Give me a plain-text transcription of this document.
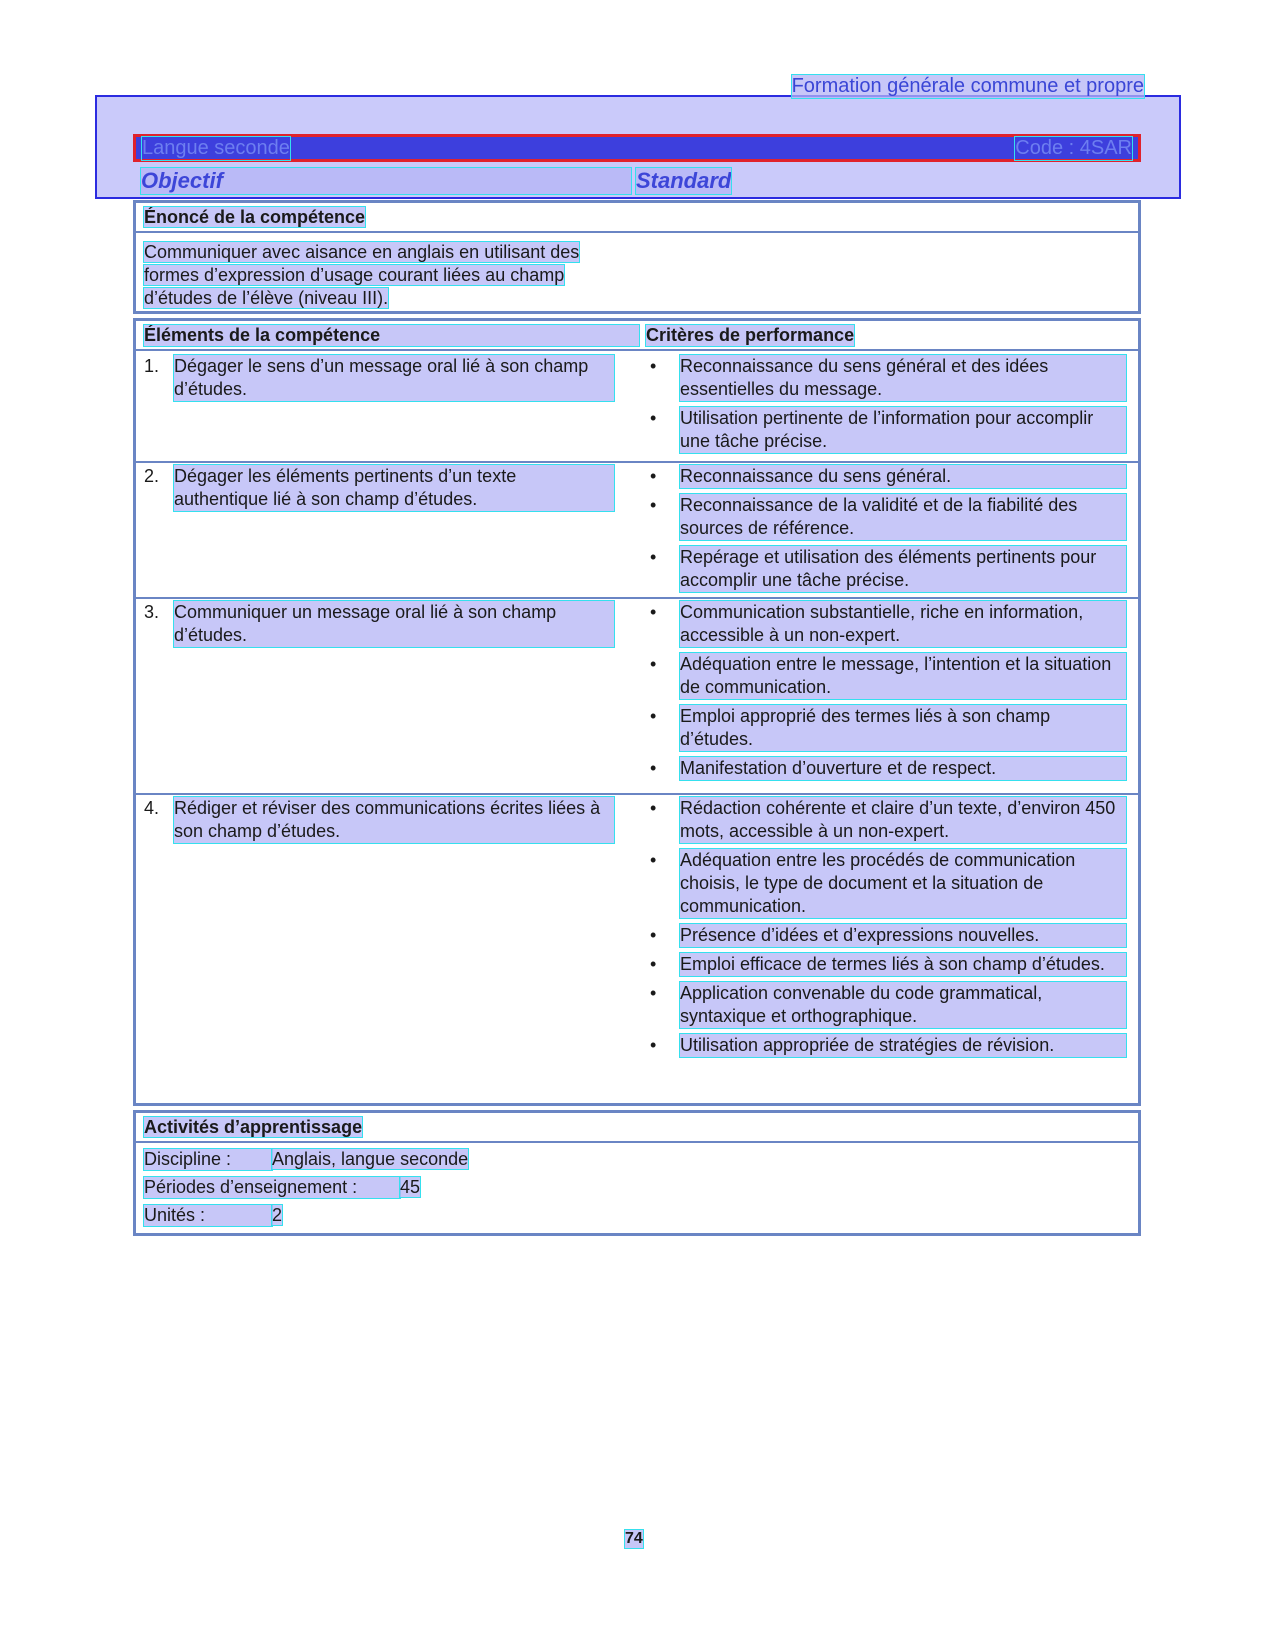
Formation générale commune et propre
Langue seconde	Code : 4SAR
Objectif	Standard
Énoncé de la compétence
Communiquer avec aisance en anglais en utilisant des formes d’expression d’usage courant liées au champ d’études de l’élève (niveau III).
Éléments de la compétence	Critères de performance
1. Dégager le sens d’un message oral lié à son champ d’études.
•	Reconnaissance du sens général et des idées essentielles du message.
•	Utilisation pertinente de l’information pour accomplir une tâche précise.
2. Dégager les éléments pertinents d’un texte authentique lié à son champ d’études.
•	Reconnaissance du sens général.
•	Reconnaissance de la validité et de la fiabilité des sources de référence.
•	Repérage et utilisation des éléments pertinents pour accomplir une tâche précise.
3. Communiquer un message oral lié à son champ d’études.
•	Communication substantielle, riche en information, accessible à un non-expert.
•	Adéquation entre le message, l’intention et la situation de communication.
•	Emploi approprié des termes liés à son champ d’études.
•	Manifestation d’ouverture et de respect.
4. Rédiger et réviser des communications écrites liées à son champ d’études.
•	Rédaction cohérente et claire d’un texte, d’environ 450 mots, accessible à un non-expert.
•	Adéquation entre les procédés de communication choisis, le type de document et la situation de communication.
•	Présence d’idées et d’expressions nouvelles.
•	Emploi efficace de termes liés à son champ d’études.
•	Application convenable du code grammatical, syntaxique et orthographique.
•	Utilisation appropriée de stratégies de révision.
Activités d’apprentissage
Discipline : Anglais, langue seconde
Périodes d’enseignement : 45
Unités :	2
74
